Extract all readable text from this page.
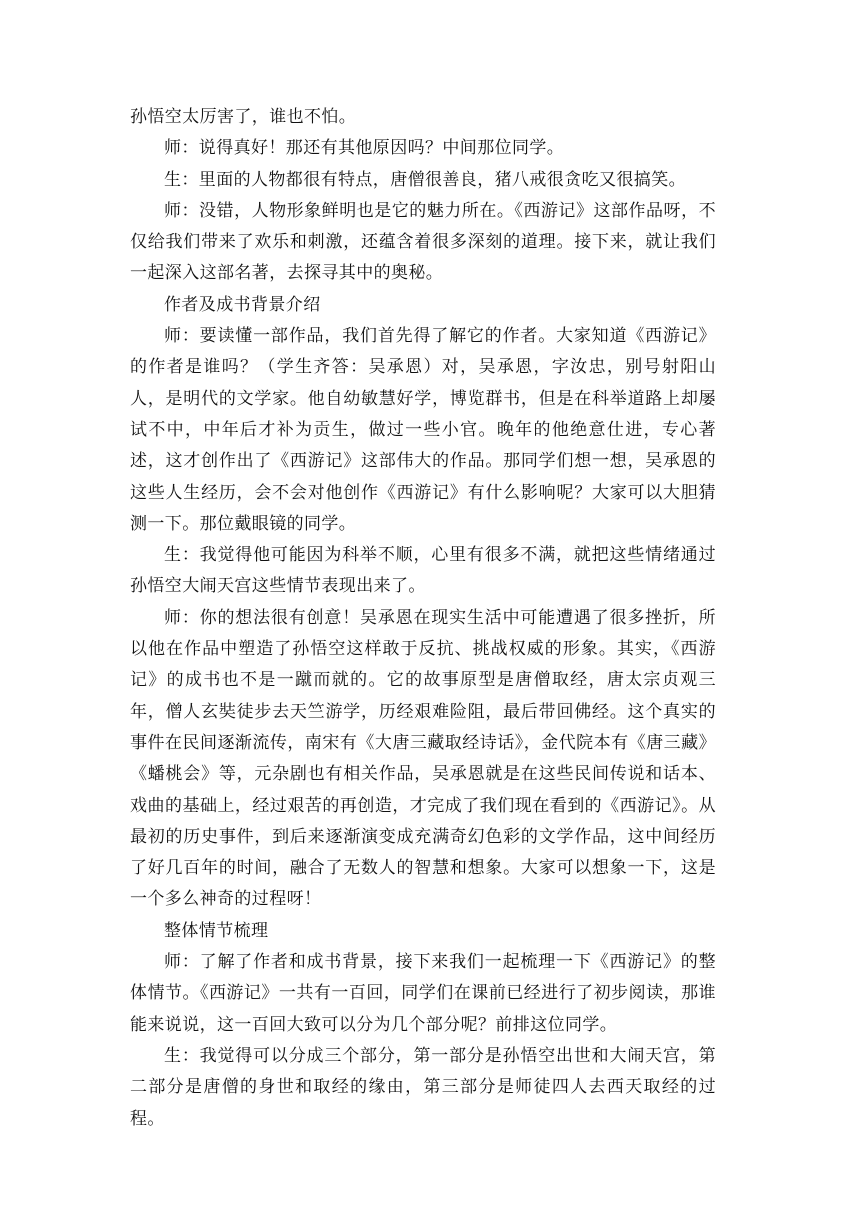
孙悟空太厉害了，谁也不怕。

师：说得真好！那还有其他原因吗？中间那位同学。

生：里面的人物都很有特点，唐僧很善良，猪八戒很贪吃又很搞笑。

师：没错，人物形象鲜明也是它的魅力所在。《西游记》这部作品呀，不仅给我们带来了欢乐和刺激，还蕴含着很多深刻的道理。接下来，就让我们一起深入这部名著，去探寻其中的奥秘。

作者及成书背景介绍

师：要读懂一部作品，我们首先得了解它的作者。大家知道《西游记》的作者是谁吗？（学生齐答：吴承恩）对，吴承恩，字汝忠，别号射阳山人，是明代的文学家。他自幼敏慧好学，博览群书，但是在科举道路上却屡试不中，中年后才补为贡生，做过一些小官。晚年的他绝意仕进，专心著述，这才创作出了《西游记》这部伟大的作品。那同学们想一想，吴承恩的这些人生经历，会不会对他创作《西游记》有什么影响呢？大家可以大胆猜测一下。那位戴眼镜的同学。

生：我觉得他可能因为科举不顺，心里有很多不满，就把这些情绪通过孙悟空大闹天宫这些情节表现出来了。

师：你的想法很有创意！吴承恩在现实生活中可能遭遇了很多挫折，所以他在作品中塑造了孙悟空这样敢于反抗、挑战权威的形象。其实，《西游记》的成书也不是一蹴而就的。它的故事原型是唐僧取经，唐太宗贞观三年，僧人玄奘徒步去天竺游学，历经艰难险阻，最后带回佛经。这个真实的事件在民间逐渐流传，南宋有《大唐三藏取经诗话》，金代院本有《唐三藏》《蟠桃会》等，元杂剧也有相关作品，吴承恩就是在这些民间传说和话本、戏曲的基础上，经过艰苦的再创造，才完成了我们现在看到的《西游记》。从最初的历史事件，到后来逐渐演变成充满奇幻色彩的文学作品，这中间经历了好几百年的时间，融合了无数人的智慧和想象。大家可以想象一下，这是一个多么神奇的过程呀！

整体情节梳理

师：了解了作者和成书背景，接下来我们一起梳理一下《西游记》的整体情节。《西游记》一共有一百回，同学们在课前已经进行了初步阅读，那谁能来说说，这一百回大致可以分为几个部分呢？前排这位同学。

生：我觉得可以分成三个部分，第一部分是孙悟空出世和大闹天宫，第二部分是唐僧的身世和取经的缘由，第三部分是师徒四人去西天取经的过程。
